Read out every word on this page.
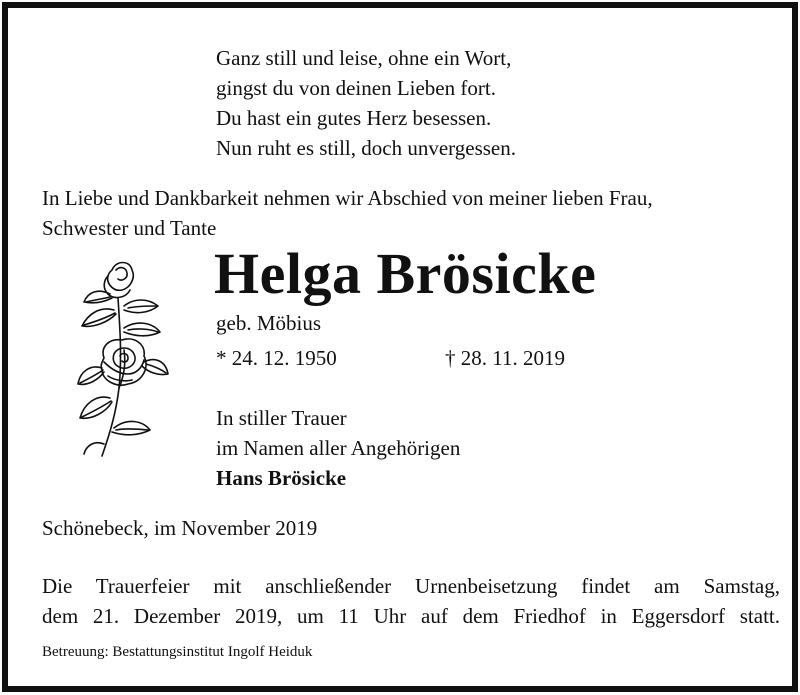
Ganz still und leise, ohne ein Wort,
gingst du von deinen Lieben fort.
Du hast ein gutes Herz besessen.
Nun ruht es still, doch unvergessen.
In Liebe und Dankbarkeit nehmen wir Abschied von meiner lieben Frau,
Schwester und Tante
Helga Brösicke
geb. Möbius
* 24. 12. 1950	† 28. 11. 2019
In stiller Trauer
im Namen aller Angehörigen
Hans Brösicke
Schönebeck, im November 2019
Die Trauerfeier mit anschließender Urnenbeisetzung findet am Samstag,
dem 21. Dezember 2019, um 11 Uhr auf dem Friedhof in Eggersdorf statt.
Betreuung: Bestattungsinstitut Ingolf Heiduk
